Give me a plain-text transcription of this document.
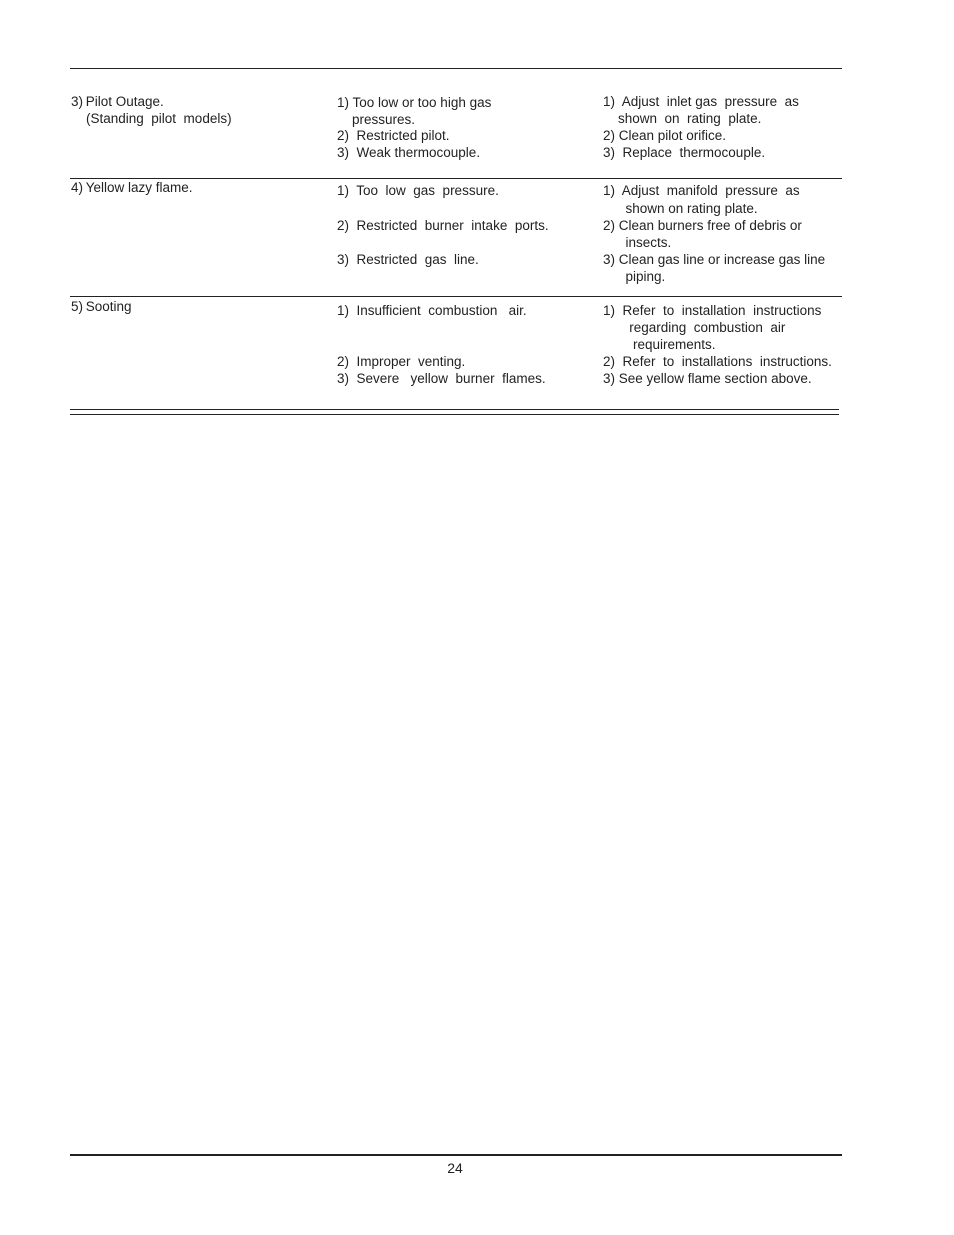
3) Pilot Outage.
(Standing  pilot  models)
1) Too low or too high gas
pressures.
2)  Restricted pilot.
3)  Weak thermocouple.
1)  Adjust  inlet gas  pressure  as
shown  on  rating  plate.
2) Clean pilot orifice.
3)  Replace  thermocouple.
4) Yellow lazy flame.	1)  Too  low  gas  pressure.
2)  Restricted  burner  intake  ports.
3)  Restricted  gas  line.
1)  Adjust  manifold  pressure  as
shown on rating plate.
2) Clean burners free of debris or
insects.
3) Clean gas line or increase gas line
piping.
5) Sooting	1)  Insufficient  combustion   air.
2)  Improper  venting.
3)  Severe   yellow  burner  flames.
1)  Refer  to  installation  instructions
regarding  combustion  air
requirements.
2)  Refer  to  installations  instructions.
3) See yellow flame section above.
24
